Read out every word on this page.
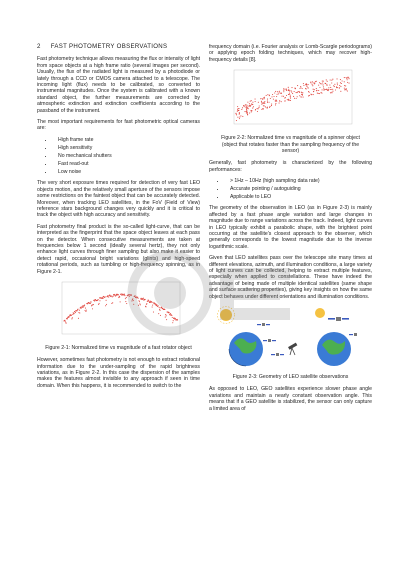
2 FAST PHOTOMETRY OBSERVATIONS

Fast photometry technique allows measuring the flux or intensity of light from space objects at a high frame ratio (several images per second). Usually, the flux of the radiated light is measured by a photodiode or lately through a CCD or CMOS camera attached to a telescope. The incoming light (flux) needs to be calibrated, so converted to instrumental magnitudes. Once the system is calibrated with a known standard object, the further measurements are corrected by atmospheric extinction and extinction coefficients according to the passband of the instrument.

The most important requirements for fast photometric optical cameras are:

• High frame rate
• High sensitivity
• No mechanical shutters
• Fast read-out
• Low noise

The very short exposure times required for detection of very fast LEO objects motion, and the relatively small aperture of the sensors impose some restrictions on the faintest object that can be accurately detected. Moreover, when tracking LEO satellites, in the FoV (Field of View) reference stars background changes very quickly and it is critical to track the object with high accuracy and sensitivity.

Fast photometry final product is the so-called light-curve, that can be interpreted as the fingerprint that the space object leaves at each pass on the detector. When consecutive measurements are taken at frequencies below 1 second (ideally several hertz), they not only enhance light curves through finer sampling but also make it easier to detect rapid, occasional bright variations (glints) and high-speed rotational periods, such as tumbling or high-frequency spinning, as in Figure 2-1.

Figure 2-1: Normalized time vs magnitude of a fast rotator object

However, sometimes fast photometry is not enough to extract rotational information due to the under-sampling of the rapid brightness variations, as in Figure 2-2. In this case the dispersion of the samples makes the features almost invisible to any approach if seen in time domain. When this happens, it is recommended to switch to the

frequency domain (i.e. Fourier analysis or Lomb-Scargle periodograms) or applying epoch folding techniques, which may recover high-frequency details [8].

Figure 2-2: Normalized time vs magnitude of a spinner object (object that rotates faster than the sampling frequency of the sensor)

Generally, fast photometry is characterized by the following performances:

• > 1Hz – 10Hz (high sampling data rate)
• Accurate pointing / autoguiding
• Applicable to LEO

The geometry of the observation in LEO (as in Figure 2-3) is mainly affected by a fast phase angle variation and large changes in magnitude due to range variations across the track. Indeed, light curves in LEO typically exhibit a parabolic shape, with the brightest point occurring at the satellite's closest approach to the observer, which generally corresponds to the lowest magnitude due to the inverse logarithmic scale.

Given that LEO satellites pass over the telescope site many times at different elevations, azimuth, and illumination conditions, a large variety of light curves can be collected, helping to extract multiple features, especially when applied to constellations. These have indeed the advantage of being made of multiple identical satellites (same shape and surface scattering properties), giving key insights on how the same object behaves under different orientations and illumination conditions.

Figure 2-3: Geometry of LEO satellite observations

As opposed to LEO, GEO satellites experience slower phase angle variations and maintain a nearly constant observation angle. This means that if a GEO satellite is stabilized, the sensor can only capture a limited area of
